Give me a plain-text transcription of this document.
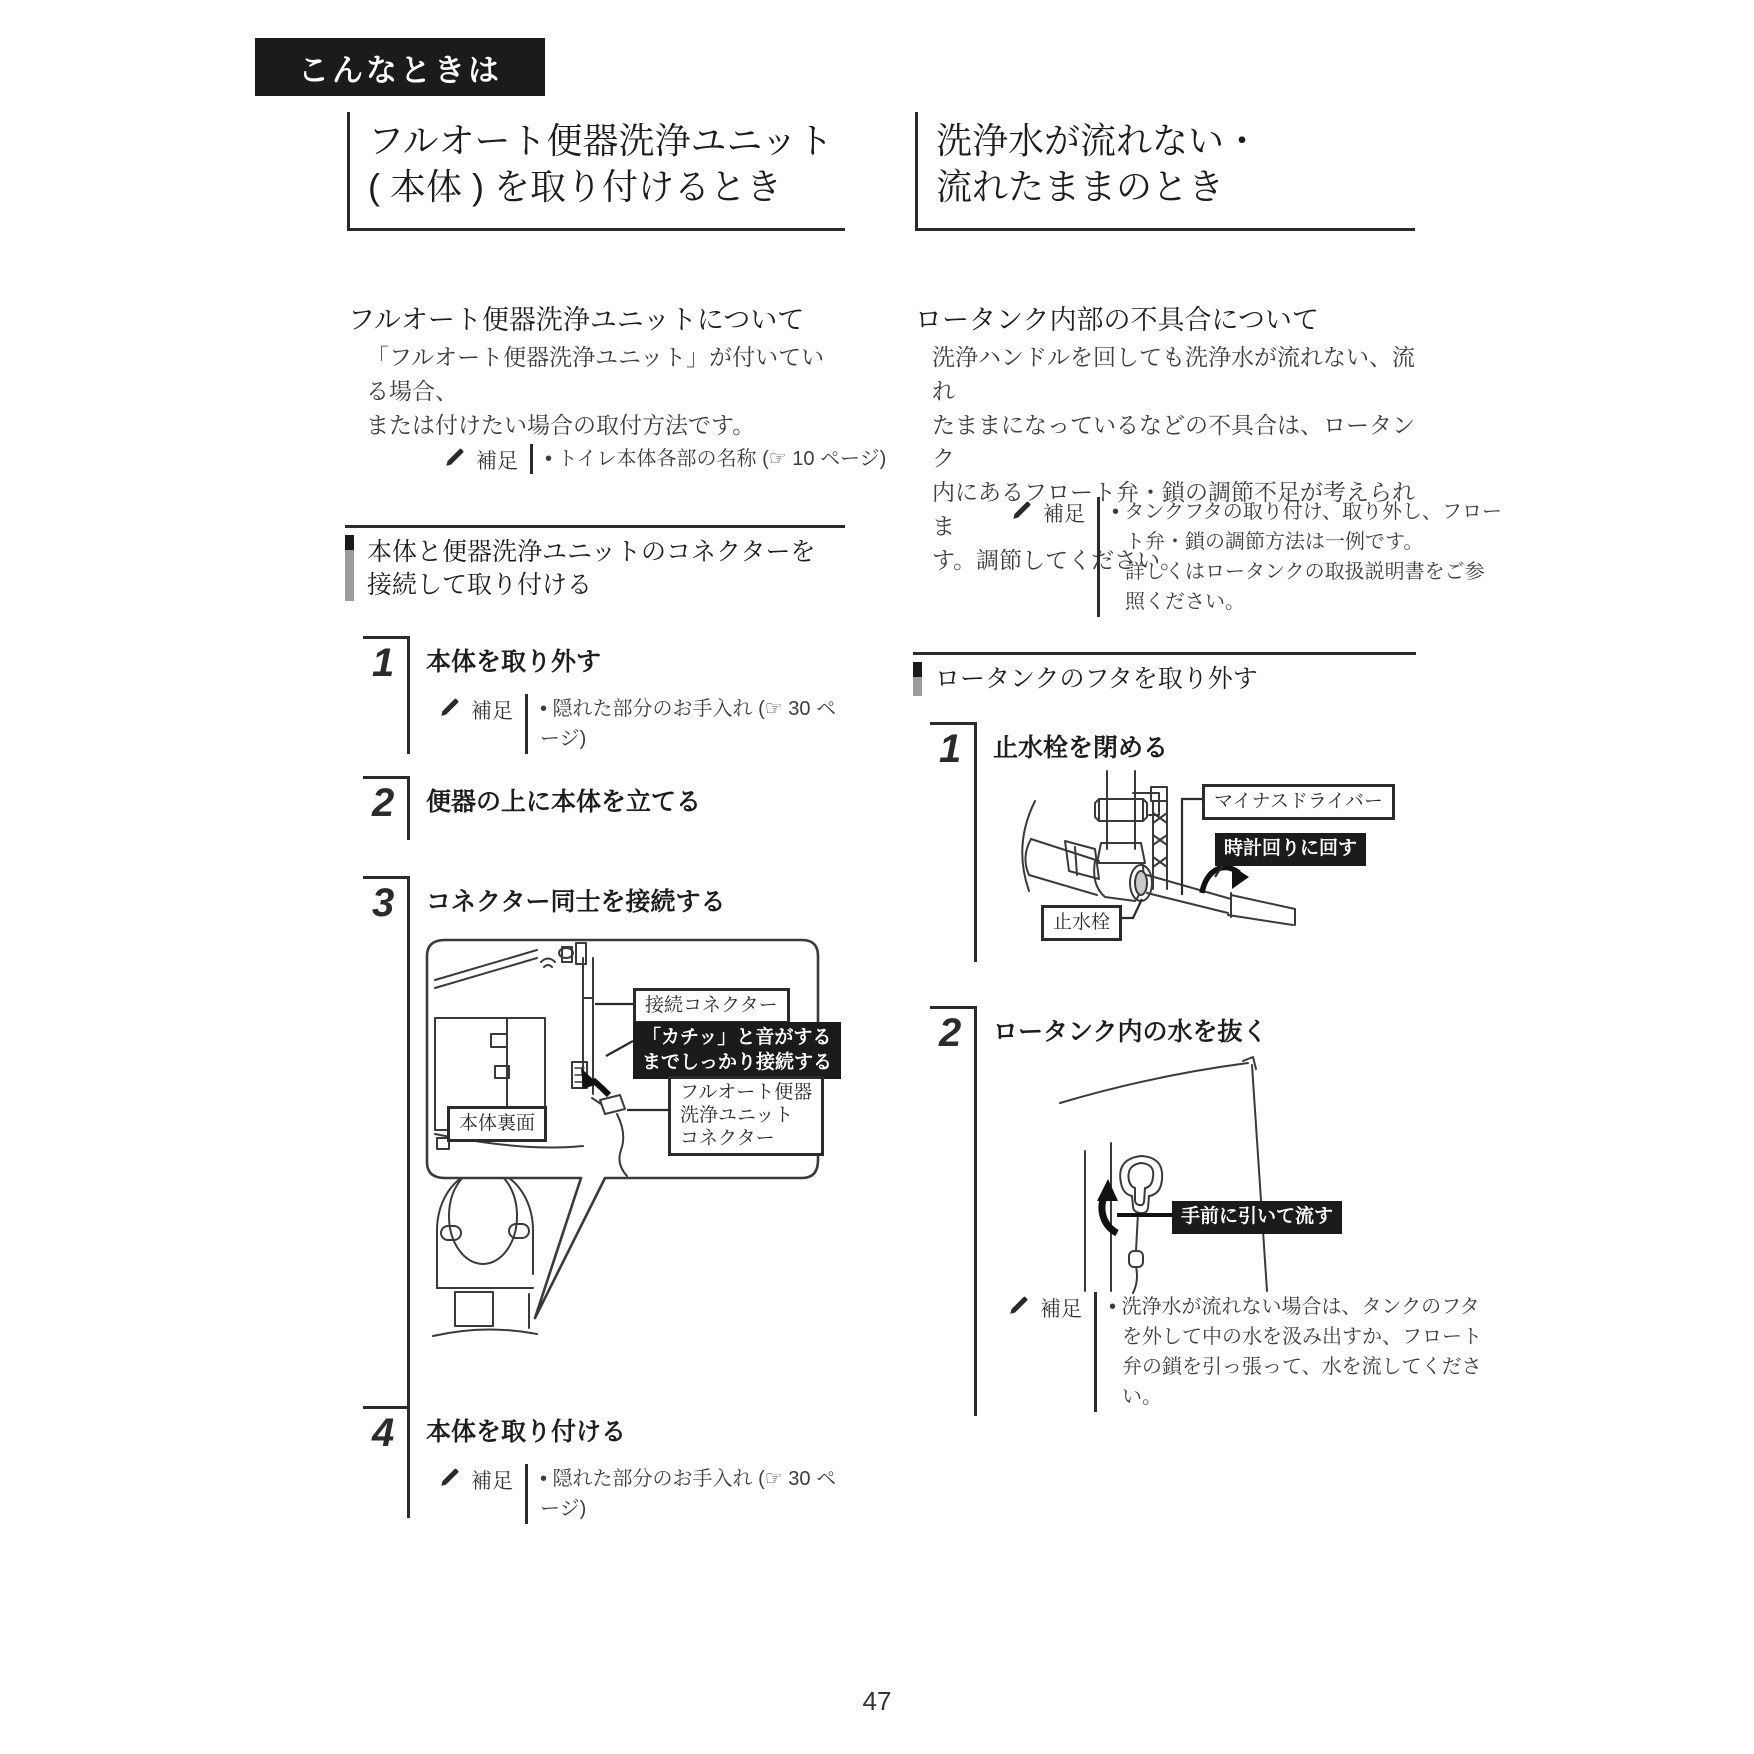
こんなときは
フルオート便器洗浄ユニット
( 本体 ) を取り付けるとき
洗浄水が流れない・
流れたままのとき
フルオート便器洗浄ユニットについて
「フルオート便器洗浄ユニット」が付いている場合、
または付けたい場合の取付方法です。
補足 • トイレ本体各部の名称 (☞ 10 ページ)
本体と便器洗浄ユニットのコネクターを
接続して取り付ける
1	本体を取り外す
補足 • 隠れた部分のお手入れ (☞ 30 ページ)
2	便器の上に本体を立てる
3	コネクター同士を接続する
接続コネクター
「カチッ」と音がする
までしっかり接続する
フルオート便器
洗浄ユニット
コネクター
本体裏面
4	本体を取り付ける
補足 • 隠れた部分のお手入れ (☞ 30 ページ)
ロータンク内部の不具合について
洗浄ハンドルを回しても洗浄水が流れない、流れ
たままになっているなどの不具合は、ロータンク
内にあるフロート弁・鎖の調節不足が考えられま
す。調節してください。
補足 • タンクフタの取り付け、取り外し、フロー
ト弁・鎖の調節方法は一例です。
詳しくはロータンクの取扱説明書をご参
照ください。
ロータンクのフタを取り外す
1	止水栓を閉める
マイナスドライバー
時計回りに回す
止水栓
2	ロータンク内の水を抜く
手前に引いて流す
補足 • 洗浄水が流れない場合は、タンクのフタ
を外して中の水を汲み出すか、フロート
弁の鎖を引っ張って、水を流してくださ
い。
47
